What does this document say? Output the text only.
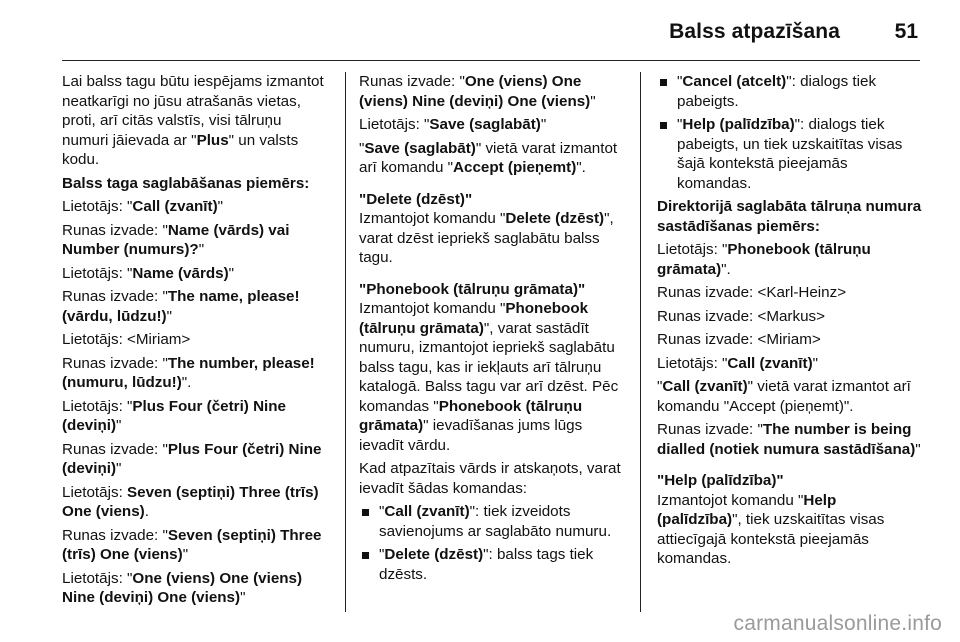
Balss atpazīšana	51

Lai balss tagu būtu iespējams izmantot neatkarīgi no jūsu atrašanās vietas, proti, arī citās valstīs, visi tālruņu numuri jāievada ar "Plus" un valsts kodu.

Balss taga saglabāšanas piemērs:

Lietotājs: "Call (zvanīt)"

Runas izvade: "Name (vārds) vai Number (numurs)?"

Lietotājs: "Name (vārds)"

Runas izvade: "The name, please! (vārdu, lūdzu!)"

Lietotājs: <Miriam>

Runas izvade: "The number, please! (numuru, lūdzu!)".

Lietotājs: "Plus Four (četri) Nine (deviņi)"

Runas izvade: "Plus Four (četri) Nine (deviņi)"

Lietotājs: Seven (septiņi) Three (trīs) One (viens).

Runas izvade: "Seven (septiņi) Three (trīs) One (viens)"

Lietotājs: "One (viens) One (viens) Nine (deviņi) One (viens)"

Runas izvade: "One (viens) One (viens) Nine (deviņi) One (viens)"

Lietotājs: "Save (saglabāt)"

"Save (saglabāt)" vietā varat izmantot arī komandu "Accept (pieņemt)".

"Delete (dzēst)"

Izmantojot komandu "Delete (dzēst)", varat dzēst iepriekš saglabātu balss tagu.

"Phonebook (tālruņu grāmata)"

Izmantojot komandu "Phonebook (tālruņu grāmata)", varat sastādīt numuru, izmantojot iepriekš saglabātu balss tagu, kas ir iekļauts arī tālruņu katalogā. Balss tagu var arī dzēst. Pēc komandas "Phonebook (tālruņu grāmata)" ievadīšanas jums lūgs ievadīt vārdu.

Kad atpazītais vārds ir atskaņots, varat ievadīt šādas komandas:

"Call (zvanīt)": tiek izveidots savienojums ar saglabāto numuru.
"Delete (dzēst)": balss tags tiek dzēsts.
"Cancel (atcelt)": dialogs tiek pabeigts.
"Help (palīdzība)": dialogs tiek pabeigts, un tiek uzskaitītas visas šajā kontekstā pieejamās komandas.

Direktorijā saglabāta tālruņa numura sastādīšanas piemērs:

Lietotājs: "Phonebook (tālruņu grāmata)".

Runas izvade: <Karl-Heinz>

Runas izvade: <Markus>

Runas izvade: <Miriam>

Lietotājs: "Call (zvanīt)"

"Call (zvanīt)" vietā varat izmantot arī komandu "Accept (pieņemt)".

Runas izvade: "The number is being dialled (notiek numura sastādīšana)"

"Help (palīdzība)"

Izmantojot komandu "Help (palīdzība)", tiek uzskaitītas visas attiecīgajā kontekstā pieejamās komandas.

carmanualsonline.info
